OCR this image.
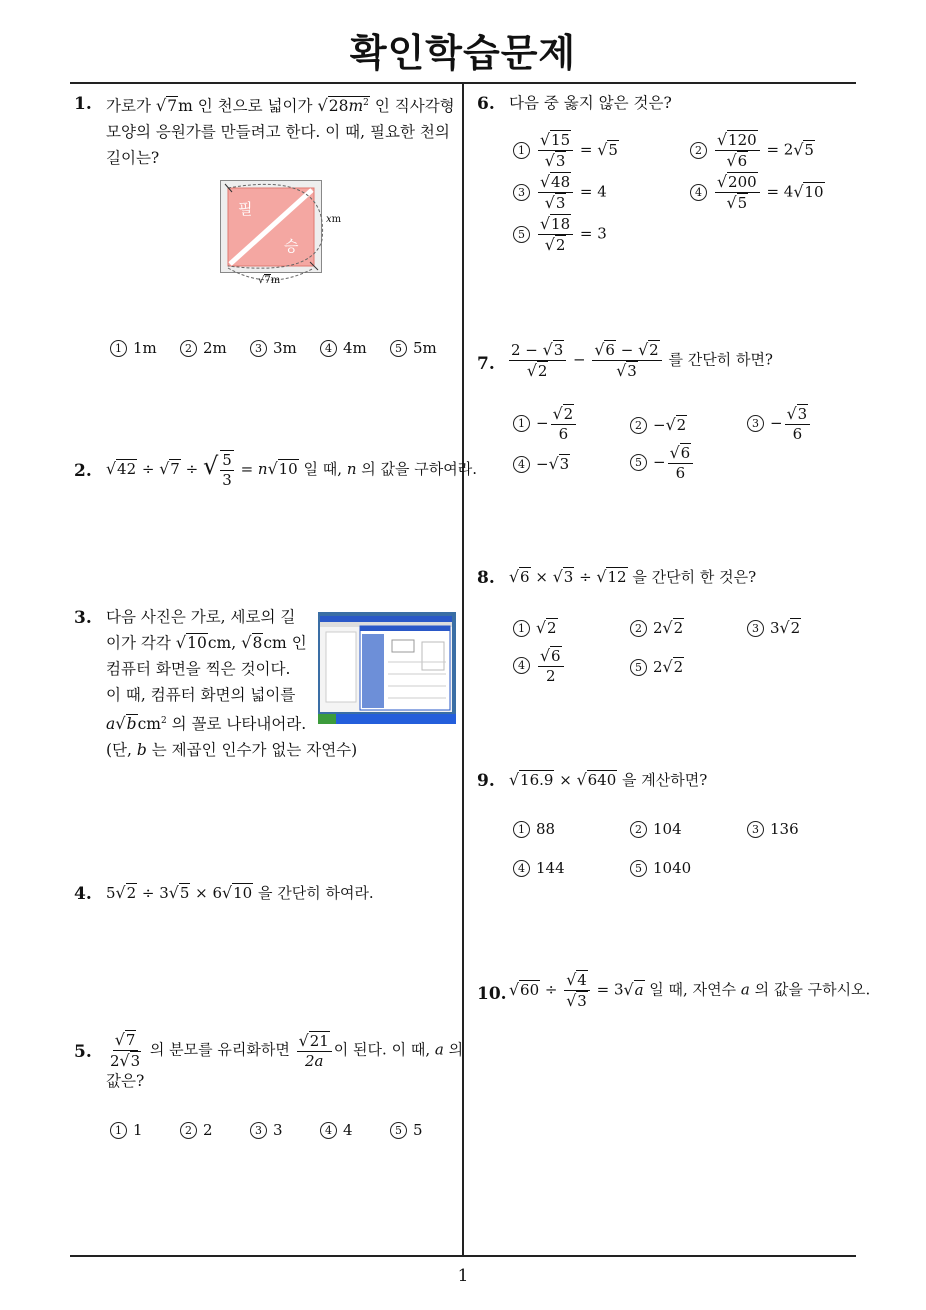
확인학습문제
1
1. 가로가 √7m 인 천으로 넓이가 $√28m^2$ 인 직사각형
모양의 응원가를 만들려고 한다. 이 때, 필요한 천의
길이는?
필
승
xm
√7m
1 1m	2 2m	3 3m	4 4m	5 5m
2. √42 ÷ √7 ÷ √ $\frac{5}{3} = n√10$ 일 때, n 의 값을 구하여라.
3. 다음 사진은 가로, 세로의 길
이가 각각 √10cm, √8cm 인
컴퓨터 화면을 찍은 것이다.
이 때, 컴퓨터 화면의 넓이를
a√bcm$^2$ 의 꼴로 나타내어라.
(단, b 는 제곱인 인수가 없는 자연수)
4. 5√2 ÷ 3√5 × 6√10 을 간단히 하여라.
5. $\frac{√7}{2√3}$ 의 분모를 유리화하면 $\frac{√21}{2a}$ 이 된다. 이 때, a 의
값은?
1 1	2 2	3 3	4 4	5 5
6. 다음 중 옳지 않은 것은?
$1 \frac{√15}{√3} = √5$	$2 \frac{√120}{√6} = 2√5$
$3 \frac{√48}{√3} = 4$	$4 \frac{√200}{√5} = 4√10$
$5 \frac{√18}{√2} = 3$
7. $\frac{2 - √3}{√2} - \frac{√6 - √2}{√3}$ 를 간단히 하면?
$1 - \frac{√2}{6}$	2 −√2	$3 - \frac{√3}{6}$
4 −√3	$5 - \frac{√6}{6}$
8. √6 × √3 ÷ √12 을 간단히 한 것은?
1 √2	2 2√2	3 3√2
$4 \frac{√6}{2}$	5 2√2
9. √16.9 × √640 을 계산하면?
1 88	2 104	3 136
4 144	5 1040
10. $√60 \div \frac{√4}{√3} = 3√a$ 일 때, 자연수 a 의 값을 구하시오.
